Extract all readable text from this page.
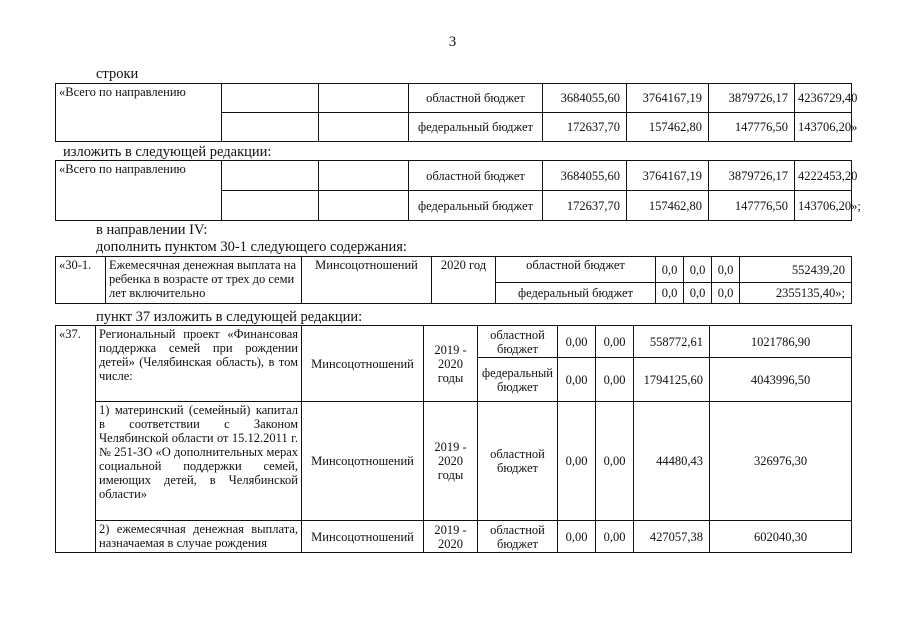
3
строки
«Всего по направлению			областной бюджет	3684055,60	3764167,19	3879726,17	4236729,40
			федеральный бюджет	172637,70	157462,80	147776,50	143706,20»
изложить в следующей редакции:
«Всего по направлению			областной бюджет	3684055,60	3764167,19	3879726,17	4222453,20
			федеральный бюджет	172637,70	157462,80	147776,50	143706,20»;
в направлении IV:
дополнить пунктом 30-1 следующего содержания:
«30-1.	Ежемесячная денежная выплата на ребенка в возрасте от трех до семи лет включительно	Минсоцотношений	2020 год	областной бюджет	0,0	0,0	0,0	552439,20
				федеральный бюджет	0,0	0,0	0,0	2355135,40»;
пункт 37 изложить в следующей редакции:
«37.	Региональный проект «Финансовая поддержка семей при рождении детей» (Челябинская область), в том числе:	Минсоцотношений	2019 - 2020 годы	областной бюджет	0,00	0,00	558772,61	1021786,90
				федеральный бюджет	0,00	0,00	1794125,60	4043996,50
	1) материнский (семейный) капитал в соответствии с Законом Челябинской области от 15.12.2011 г. № 251-ЗО «О дополнительных мерах социальной поддержки семей, имеющих детей, в Челябинской области»	Минсоцотношений	2019 - 2020 годы	областной бюджет	0,00	0,00	44480,43	326976,30
	2) ежемесячная денежная выплата, назначаемая в случае рождения	Минсоцотношений	2019 - 2020	областной бюджет	0,00	0,00	427057,38	602040,30
